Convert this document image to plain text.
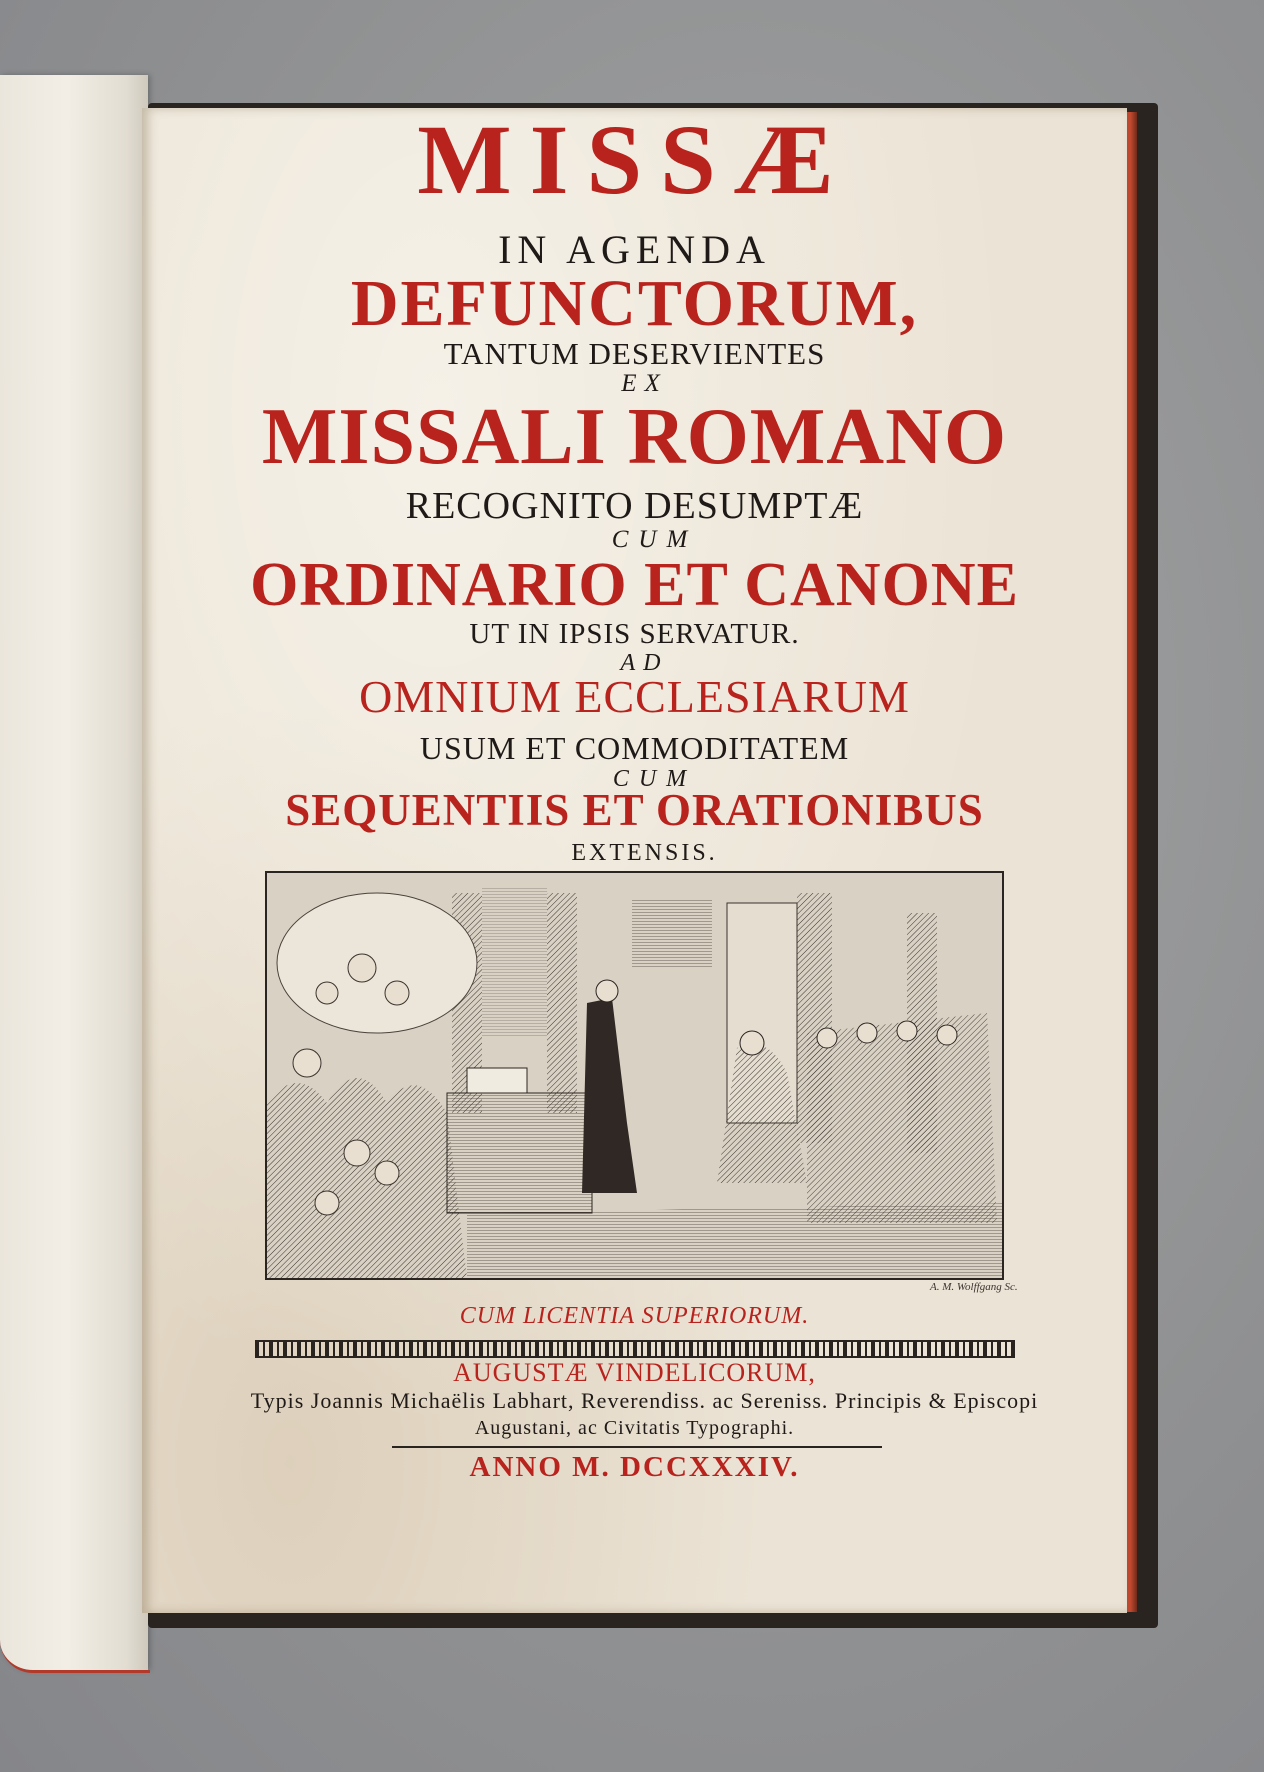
MISSÆ
IN AGENDA
DEFUNCTORUM,
TANTUM DESERVIENTES
EX
MISSALI ROMANO
RECOGNITO DESUMPTÆ
CUM
ORDINARIO ET CANONE
UT IN IPSIS SERVATUR.
AD
OMNIUM ECCLESIARUM
USUM ET COMMODITATEM
CUM
SEQUENTIIS ET ORATIONIBUS
EXTENSIS.
A. M. Wolffgang Sc.
CUM LICENTIA SUPERIORUM.
AUGUSTÆ VINDELICORUM,
Typis Joannis Michaëlis Labhart, Reverendiss. ac Sereniss. Principis & Episcopi
Augustani, ac Civitatis Typographi.
ANNO M. DCCXXXIV.
